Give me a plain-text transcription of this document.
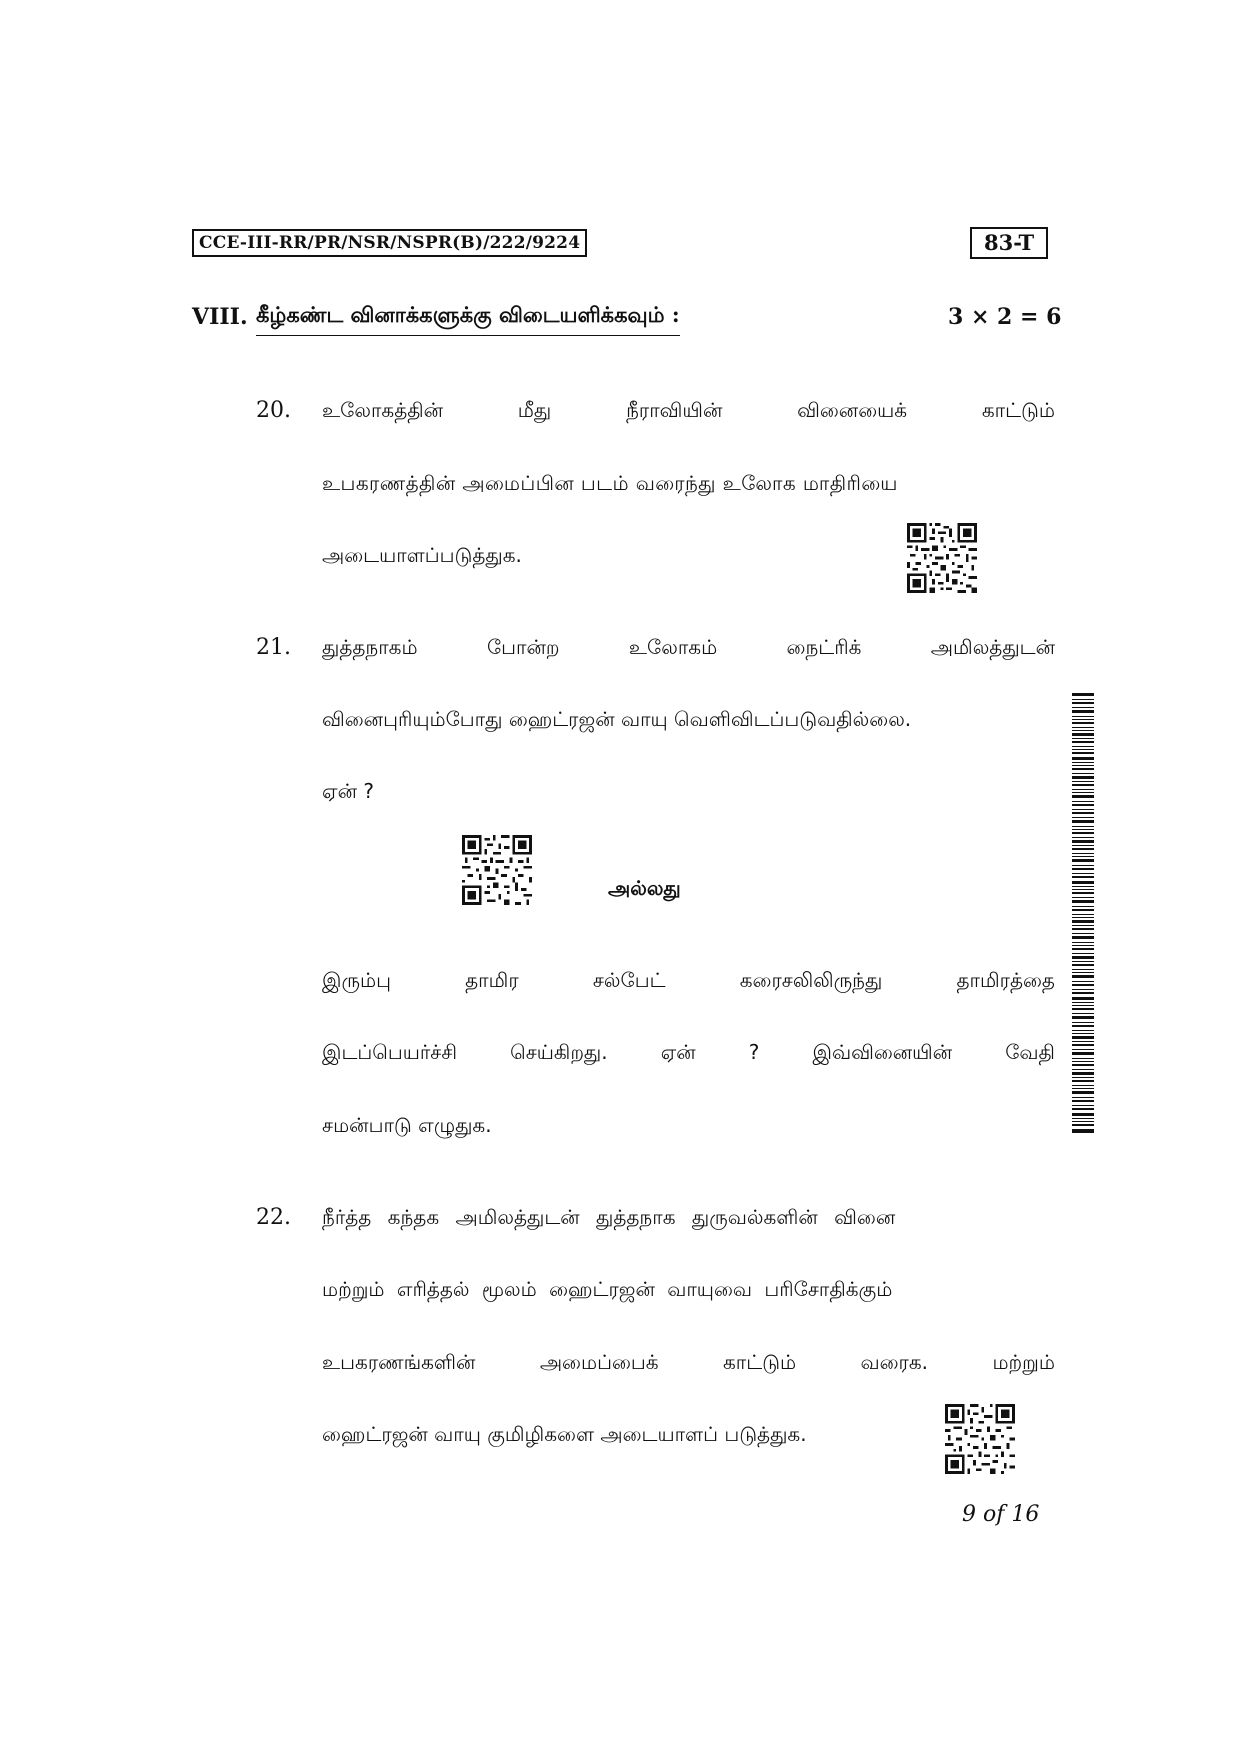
CCE-III-RR/PR/NSR/NSPR(B)/222/9224	83-T
VIII. கீழ்கண்ட வினாக்களுக்கு விடையளிக்கவும் :	3 × 2 = 6
20. உலோகத்தின்	மீது	நீராவியின்	வினையைக்	காட்டும்
உபகரணத்தின் அமைப்பின படம் வரைந்து உலோக மாதிரியை
அடையாளப்படுத்துக.
21. துத்தநாகம்	போன்ற	உலோகம்	நைட்ரிக்	அமிலத்துடன்
வினைபுரியும்போது ஹைட்ரஜன் வாயு வெளிவிடப்படுவதில்லை.
ஏன் ?
அல்லது
இரும்பு	தாமிர	சல்பேட்	கரைசலிலிருந்து	தாமிரத்தை
இடப்பெயர்ச்சி	செய்கிறது.	ஏன்	?	இவ்வினையின்	வேதி
சமன்பாடு எழுதுக.
22. நீர்த்த கந்தக அமிலத்துடன் துத்தநாக துருவல்களின் வினை
மற்றும் எரித்தல் மூலம் ஹைட்ரஜன் வாயுவை பரிசோதிக்கும்
உபகரணங்களின்	அமைப்பைக்	காட்டும்	வரைக.	மற்றும்
ஹைட்ரஜன் வாயு குமிழிகளை அடையாளப் படுத்துக.
9 of 16
